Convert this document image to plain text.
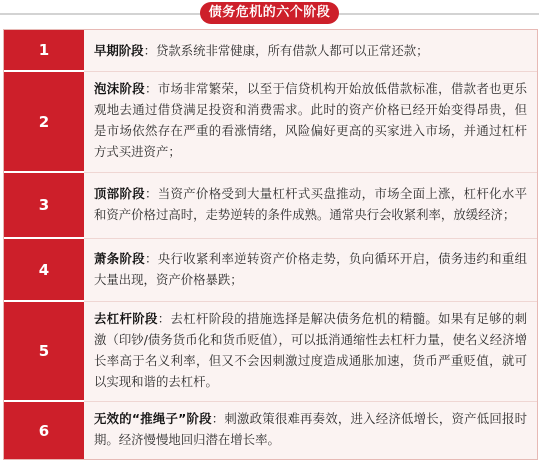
债务危机的六个阶段
1	早期阶段：贷款系统非常健康，所有借款人都可以正常还款；
2
泡沫阶段：市场非常繁荣，以至于信贷机构开始放低借款标准，借款者也更乐观地去通过借贷满足投资和消费需求。此时的资产价格已经开始变得昂贵，但是市场依然存在严重的看涨情绪，风险偏好更高的买家进入市场，并通过杠杆方式买进资产；
3
顶部阶段：当资产价格受到大量杠杆式买盘推动，市场全面上涨，杠杆化水平和资产价格过高时，走势逆转的条件成熟。通常央行会收紧利率，放缓经济；
4
萧条阶段：央行收紧利率逆转资产价格走势，负向循环开启，债务违约和重组大量出现，资产价格暴跌；
5
去杠杆阶段：去杠杆阶段的措施选择是解决债务危机的精髓。如果有足够的刺激（印钞/债务货币化和货币贬值），可以抵消通缩性去杠杆力量，使名义经济增长率高于名义利率，但又不会因刺激过度造成通胀加速，货币严重贬值，就可以实现和谐的去杠杆。
6
无效的“推绳子”阶段：刺激政策很难再奏效，进入经济低增长，资产低回报时期。经济慢慢地回归潜在增长率。
